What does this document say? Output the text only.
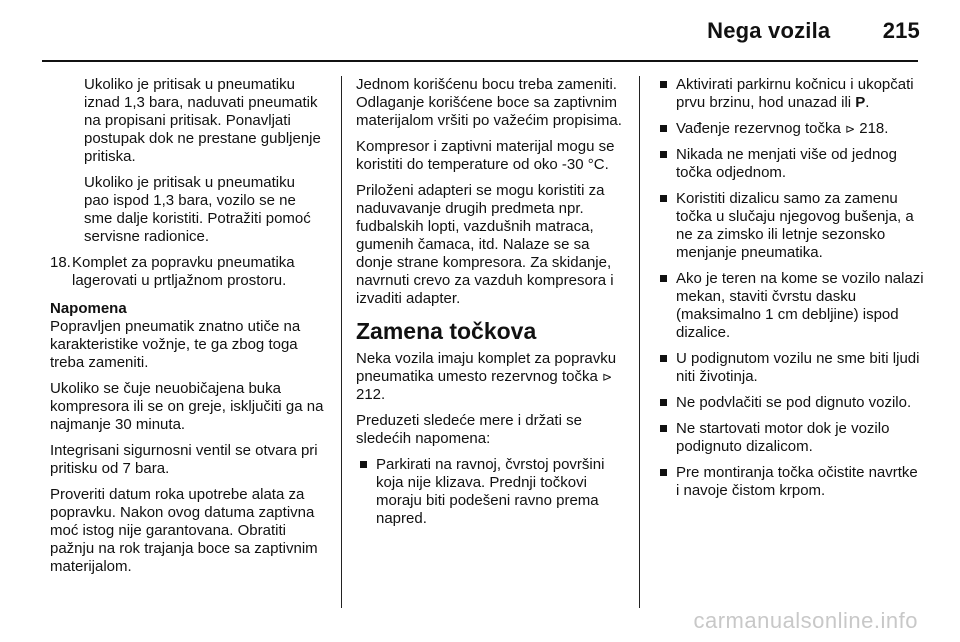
Nega vozila 215

Ukoliko je pritisak u pneumatiku iznad 1,3 bara, naduvati pneumatik na propisani pritisak. Ponavljati postupak dok ne prestane gubljenje pritiska.

Ukoliko je pritisak u pneumatiku pao ispod 1,3 bara, vozilo se ne sme dalje koristiti. Potražiti pomoć servisne radionice.

18. Komplet za popravku pneumatika lagerovati u prtljažnom prostoru.

Napomena

Popravljen pneumatik znatno utiče na karakteristike vožnje, te ga zbog toga treba zameniti.

Ukoliko se čuje neuobičajena buka kompresora ili se on greje, isključiti ga na najmanje 30 minuta.

Integrisani sigurnosni ventil se otvara pri pritisku od 7 bara.

Proveriti datum roka upotrebe alata za popravku. Nakon ovog datuma zaptivna moć istog nije garantovana. Obratiti pažnju na rok trajanja boce sa zaptivnim materijalom.

Jednom korišćenu bocu treba zameniti. Odlaganje korišćene boce sa zaptivnim materijalom vršiti po važećim propisima.

Kompresor i zaptivni materijal mogu se koristiti do temperature od oko -30 °C.

Priloženi adapteri se mogu koristiti za naduvavanje drugih predmeta npr. fudbalskih lopti, vazdušnih matraca, gumenih čamaca, itd. Nalaze se sa donje strane kompresora. Za skidanje, navrnuti crevo za vazduh kompresora i izvaditi adapter.

Zamena točkova

Neka vozila imaju komplet za popravku pneumatika umesto rezervnog točka ⊳ 212.

Preduzeti sledeće mere i držati se sledećih napomena:

Parkirati na ravnoj, čvrstoj površini koja nije klizava. Prednji točkovi moraju biti podešeni ravno prema napred.
Aktivirati parkirnu kočnicu i ukopčati prvu brzinu, hod unazad ili P.
Vađenje rezervnog točka ⊳ 218.
Nikada ne menjati više od jednog točka odjednom.
Koristiti dizalicu samo za zamenu točka u slučaju njegovog bušenja, a ne za zimsko ili letnje sezonsko menjanje pneumatika.
Ako je teren na kome se vozilo nalazi mekan, staviti čvrstu dasku (maksimalno 1 cm debljine) ispod dizalice.
U podignutom vozilu ne sme biti ljudi niti životinja.
Ne podvlačiti se pod dignuto vozilo.
Ne startovati motor dok je vozilo podignuto dizalicom.
Pre montiranja točka očistite navrtke i navoje čistom krpom.
carmanualsonline.info
